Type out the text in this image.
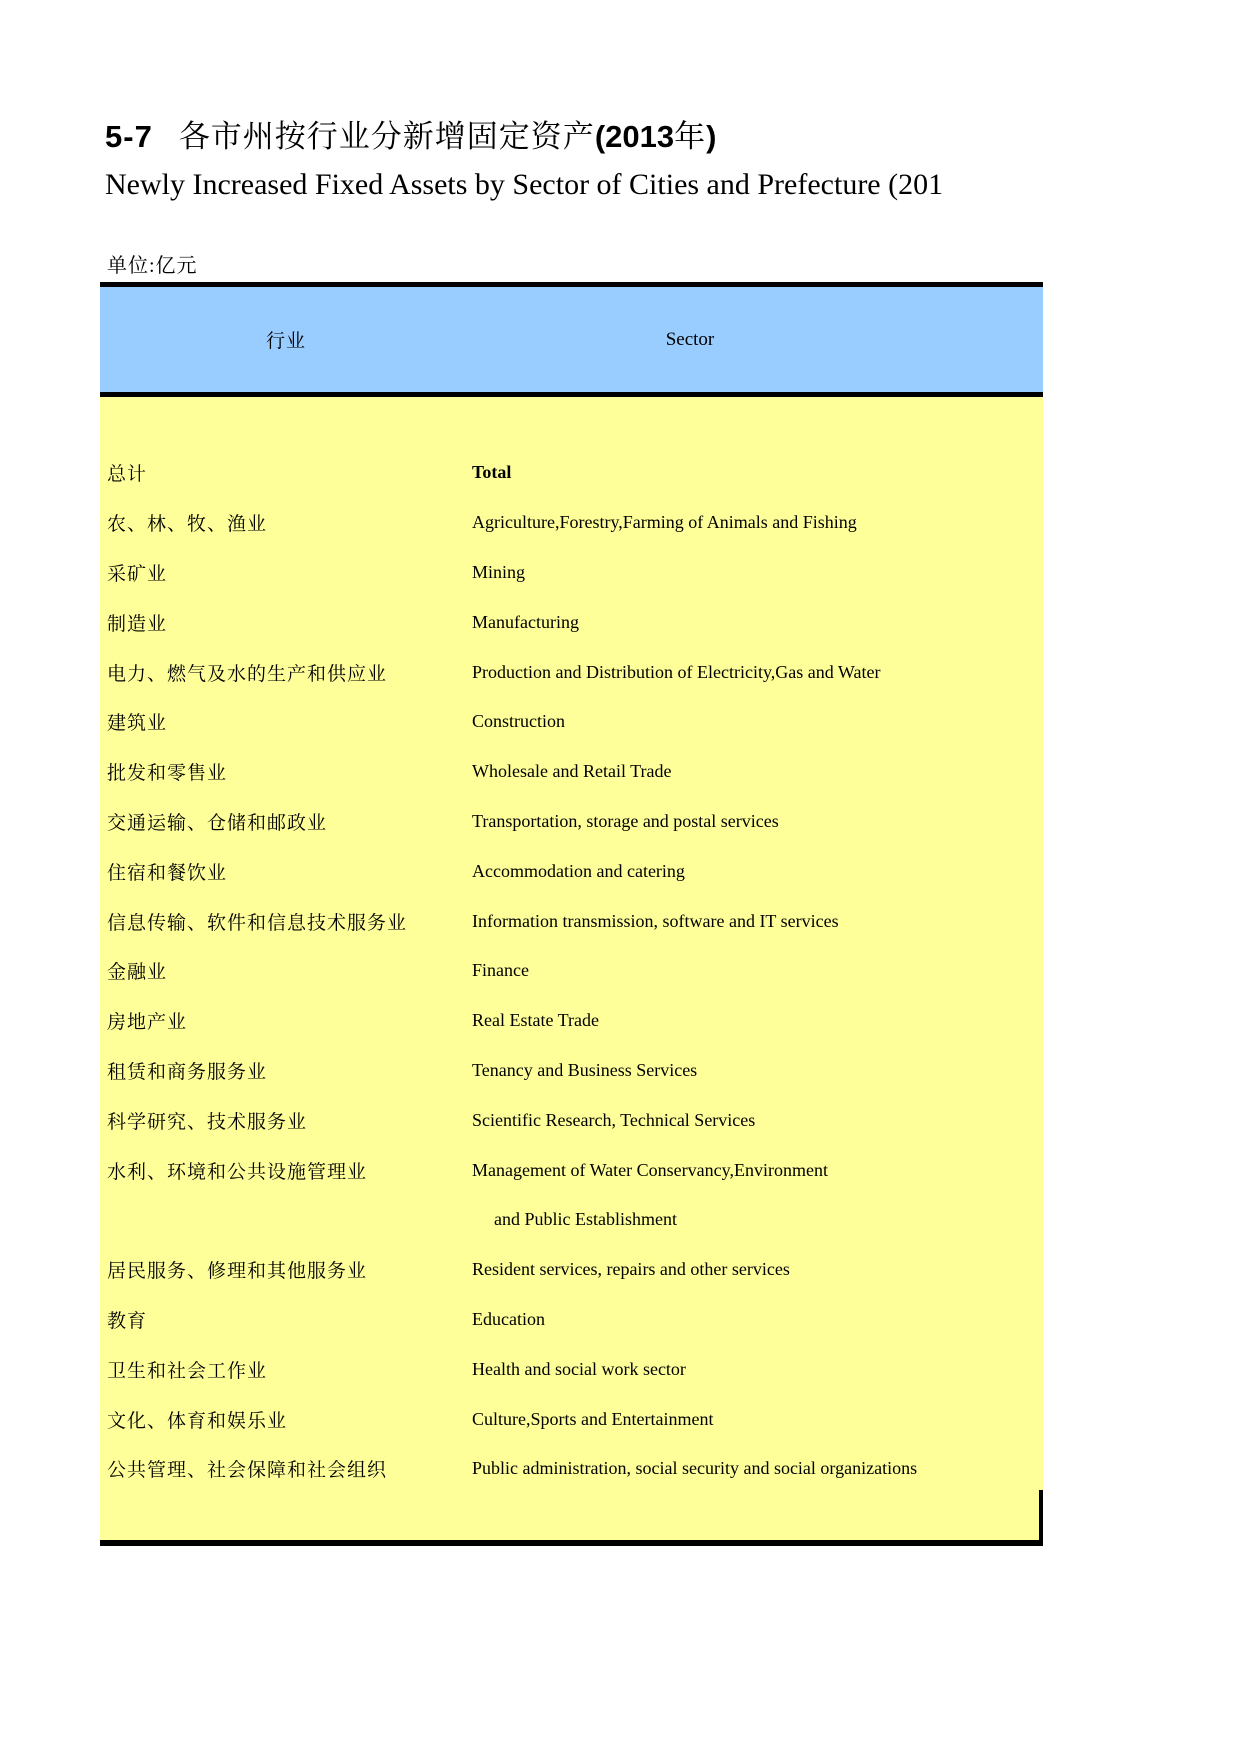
5-7 各市州按行业分新增固定资产(2013年)
Newly Increased Fixed Assets by Sector of Cities and Prefecture (201
单位:亿元
行业	Sector
总计	Total
农、林、牧、渔业	Agriculture,Forestry,Farming of Animals and Fishing
采矿业	Mining
制造业	Manufacturing
电力、燃气及水的生产和供应业	Production and Distribution of Electricity,Gas and Water
建筑业	Construction
批发和零售业	Wholesale and Retail Trade
交通运输、仓储和邮政业	Transportation, storage and postal services
住宿和餐饮业	Accommodation and catering
信息传输、软件和信息技术服务业	Information transmission, software and IT services
金融业	Finance
房地产业	Real Estate Trade
租赁和商务服务业	Tenancy and Business Services
科学研究、技术服务业	Scientific Research, Technical Services
水利、环境和公共设施管理业	Management of Water Conservancy,Environment
and Public Establishment
居民服务、修理和其他服务业	Resident services, repairs and other services
教育	Education
卫生和社会工作业	Health and social work sector
文化、体育和娱乐业	Culture,Sports and Entertainment
公共管理、社会保障和社会组织	Public administration, social security and social organizations
